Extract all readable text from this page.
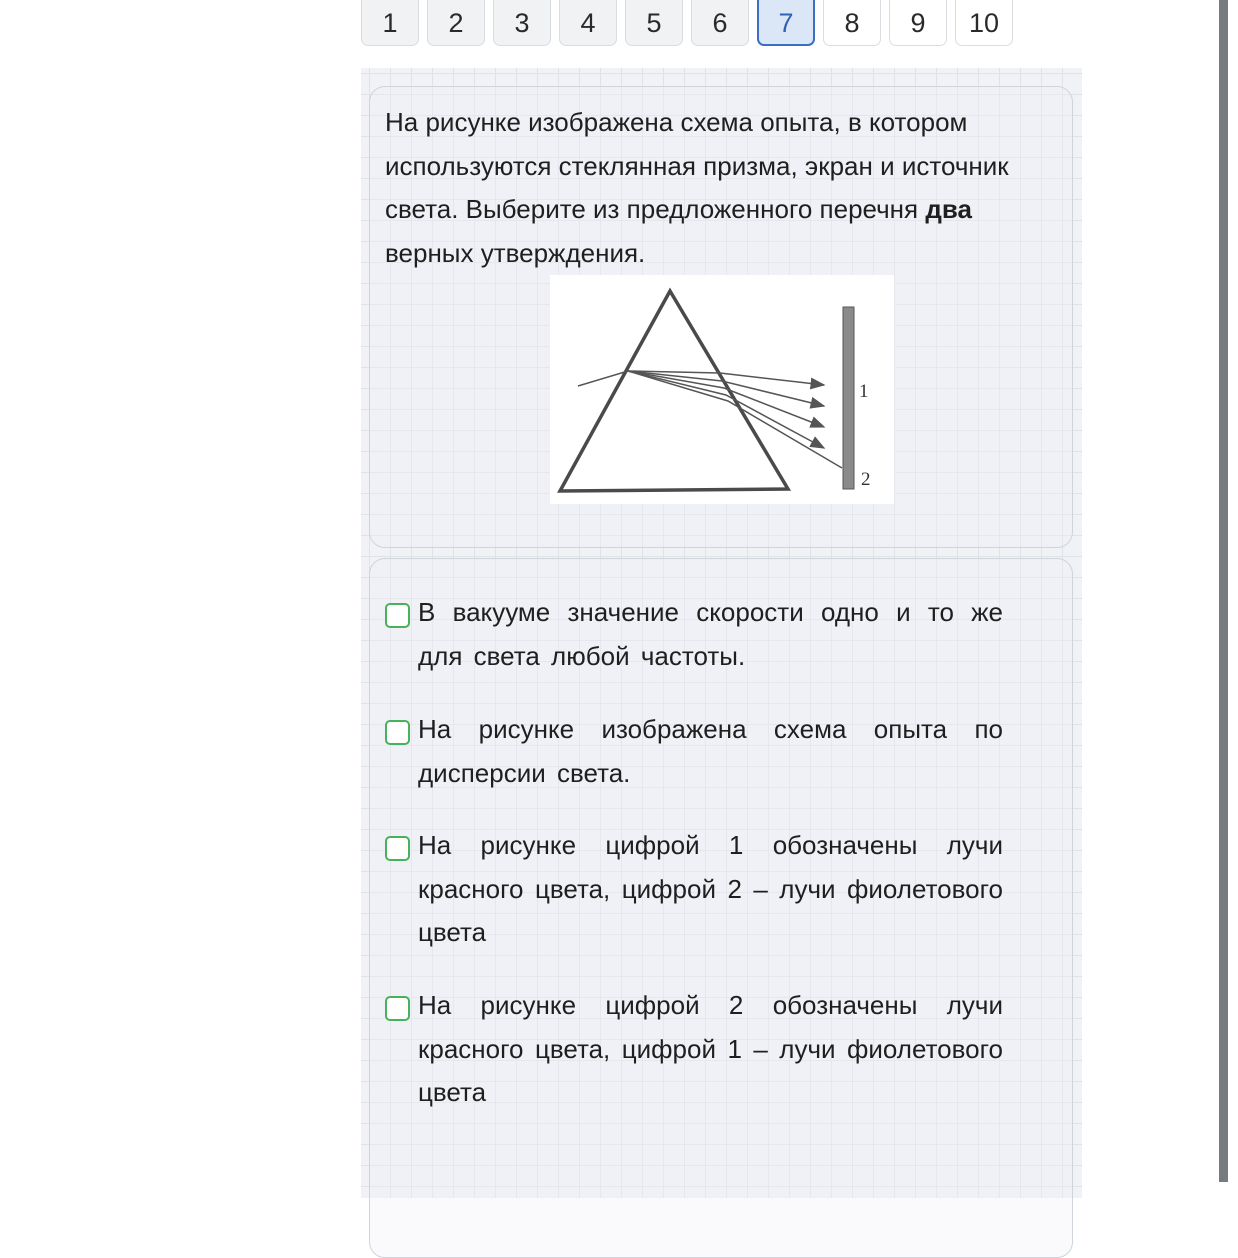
1	2	3	4	5	6	7	8	9	10

На рисунке изображена схема опыта, в котором используются стеклянная призма, экран и источник света. Выберите из предложенного перечня два верных утверждения.

1
2
В вакууме значение скорости одно и то же для света любой частоты.
На рисунке изображена схема опыта по дисперсии света.
На рисунке цифрой 1 обозначены лучи красного цвета, цифрой 2 – лучи фиолетового цвета
На рисунке цифрой 2 обозначены лучи красного цвета, цифрой 1 – лучи фиолетового цвета
